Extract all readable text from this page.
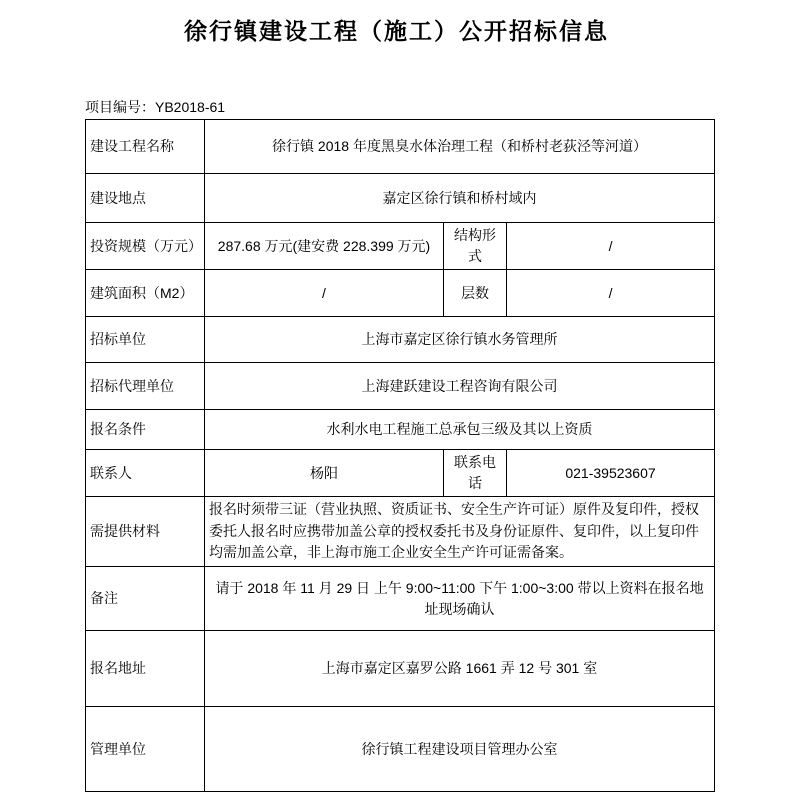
徐行镇建设工程（施工）公开招标信息
项目编号：YB2018-61
建设工程名称	徐行镇 2018 年度黑臭水体治理工程（和桥村老荻泾等河道）		
建设地点	嘉定区徐行镇和桥村域内		
投资规模（万元）	287.68 万元(建安费 228.399 万元)	结构形式	/
建筑面积（M2）	/	层数	/
招标单位	上海市嘉定区徐行镇水务管理所		
招标代理单位	上海建跃建设工程咨询有限公司		
报名条件	水利水电工程施工总承包三级及其以上资质		
联系人	杨阳	联系电话	021-39523607
需提供材料	报名时须带三证（营业执照、资质证书、安全生产许可证）原件及复印件，授权委托人报名时应携带加盖公章的授权委托书及身份证原件、复印件，以上复印件均需加盖公章，非上海市施工企业安全生产许可证需备案。		
备注	请于 2018 年 11 月 29 日 上午 9:00~11:00 下午 1:00~3:00 带以上资料在报名地址现场确认		
报名地址	上海市嘉定区嘉罗公路 1661 弄 12 号 301 室		
管理单位	徐行镇工程建设项目管理办公室		
